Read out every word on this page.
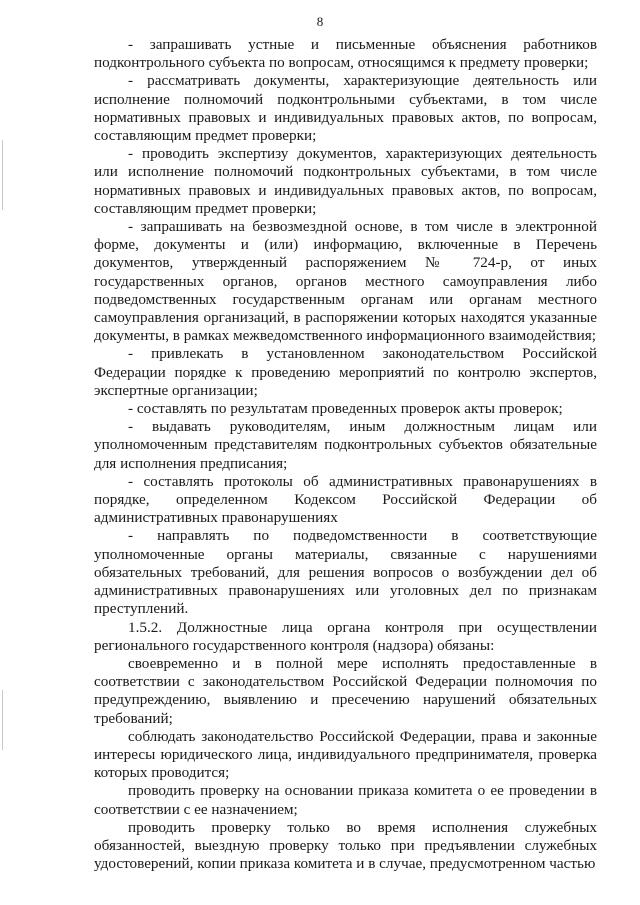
8

- запрашивать устные и письменные объяснения работников подконтрольного субъекта по вопросам, относящимся к предмету проверки;

- рассматривать документы, характеризующие деятельность или исполнение полномочий подконтрольными субъектами, в том числе нормативных правовых и индивидуальных правовых актов, по вопросам, составляющим предмет проверки;

- проводить экспертизу документов, характеризующих деятельность или исполнение полномочий подконтрольных субъектами, в том числе нормативных правовых и индивидуальных правовых актов, по вопросам, составляющим предмет проверки;

- запрашивать на безвозмездной основе, в том числе в электронной форме, документы и (или) информацию, включенные в Перечень документов, утвержденный распоряжением № 724-р, от иных государственных органов, органов местного самоуправления либо подведомственных государственным органам или органам местного самоуправления организаций, в распоряжении которых находятся указанные документы, в рамках межведомственного информационного взаимодействия;

- привлекать в установленном законодательством Российской Федерации порядке к проведению мероприятий по контролю экспертов, экспертные организации;

- составлять по результатам проведенных проверок акты проверок;

- выдавать руководителям, иным должностным лицам или уполномоченным представителям подконтрольных субъектов обязательные для исполнения предписания;

- составлять протоколы об административных правонарушениях в порядке, определенном Кодексом Российской Федерации об административных правонарушениях

- направлять по подведомственности в соответствующие уполномоченные органы материалы, связанные с нарушениями обязательных требований, для решения вопросов о возбуждении дел об административных правонарушениях или уголовных дел по признакам преступлений.

1.5.2. Должностные лица органа контроля при осуществлении регионального государственного контроля (надзора) обязаны:

своевременно и в полной мере исполнять предоставленные в соответствии с законодательством Российской Федерации полномочия по предупреждению, выявлению и пресечению нарушений обязательных требований;

соблюдать законодательство Российской Федерации, права и законные интересы юридического лица, индивидуального предпринимателя, проверка которых проводится;

проводить проверку на основании приказа комитета о ее проведении в соответствии с ее назначением;

проводить проверку только во время исполнения служебных обязанностей, выездную проверку только при предъявлении служебных удостоверений, копии приказа комитета и в случае, предусмотренном частью
